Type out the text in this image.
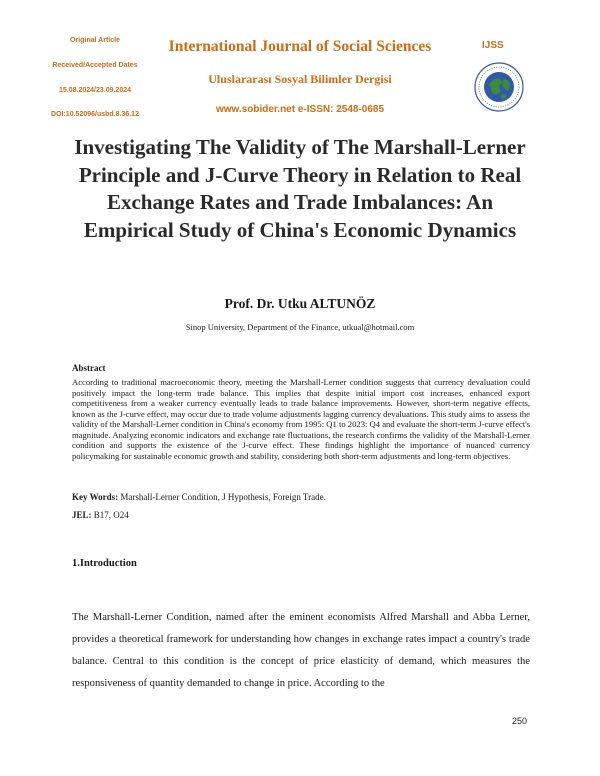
Original Article
Received/Accepted Dates
15.08.2024/23.09.2024
DOI:10.52096/usbd.8.36.12
International Journal of Social Sciences	IJSS
Uluslararası Sosyal Bilimler Dergisi
www.sobider.net e-ISSN: 2548-0685
Investigating The Validity of The Marshall-Lerner Principle and J-Curve Theory in Relation to Real Exchange Rates and Trade Imbalances: An Empirical Study of China's Economic Dynamics
Prof. Dr. Utku ALTUNÖZ
Sinop University, Department of the Finance, utkual@hotmail.com
Abstract

According to traditional macroeconomic theory, meeting the Marshall-Lerner condition suggests that currency devaluation could positively impact the long-term trade balance. This implies that despite initial import cost increases, enhanced export competitiveness from a weaker currency eventually leads to trade balance improvements. However, short-term negative effects, known as the J-curve effect, may occur due to trade volume adjustments lagging currency devaluations. This study aims to assess the validity of the Marshall-Lerner condition in China's economy from 1995: Q1 to 2023: Q4 and evaluate the short-term J-curve effect's magnitude. Analyzing economic indicators and exchange rate fluctuations, the research confirms the validity of the Marshall-Lerner condition and supports the existence of the J-curve effect. These findings highlight the importance of nuanced currency policymaking for sustainable economic growth and stability, considering both short-term adjustments and long-term objectives.

Key Words: Marshall-Lerner Condition, J Hypothesis, Foreign Trade.
JEL: B17, O24
1.Introduction

The Marshall-Lerner Condition, named after the eminent economists Alfred Marshall and Abba Lerner, provides a theoretical framework for understanding how changes in exchange rates impact a country's trade balance. Central to this condition is the concept of price elasticity of demand, which measures the responsiveness of quantity demanded to change in price. According to the

250
